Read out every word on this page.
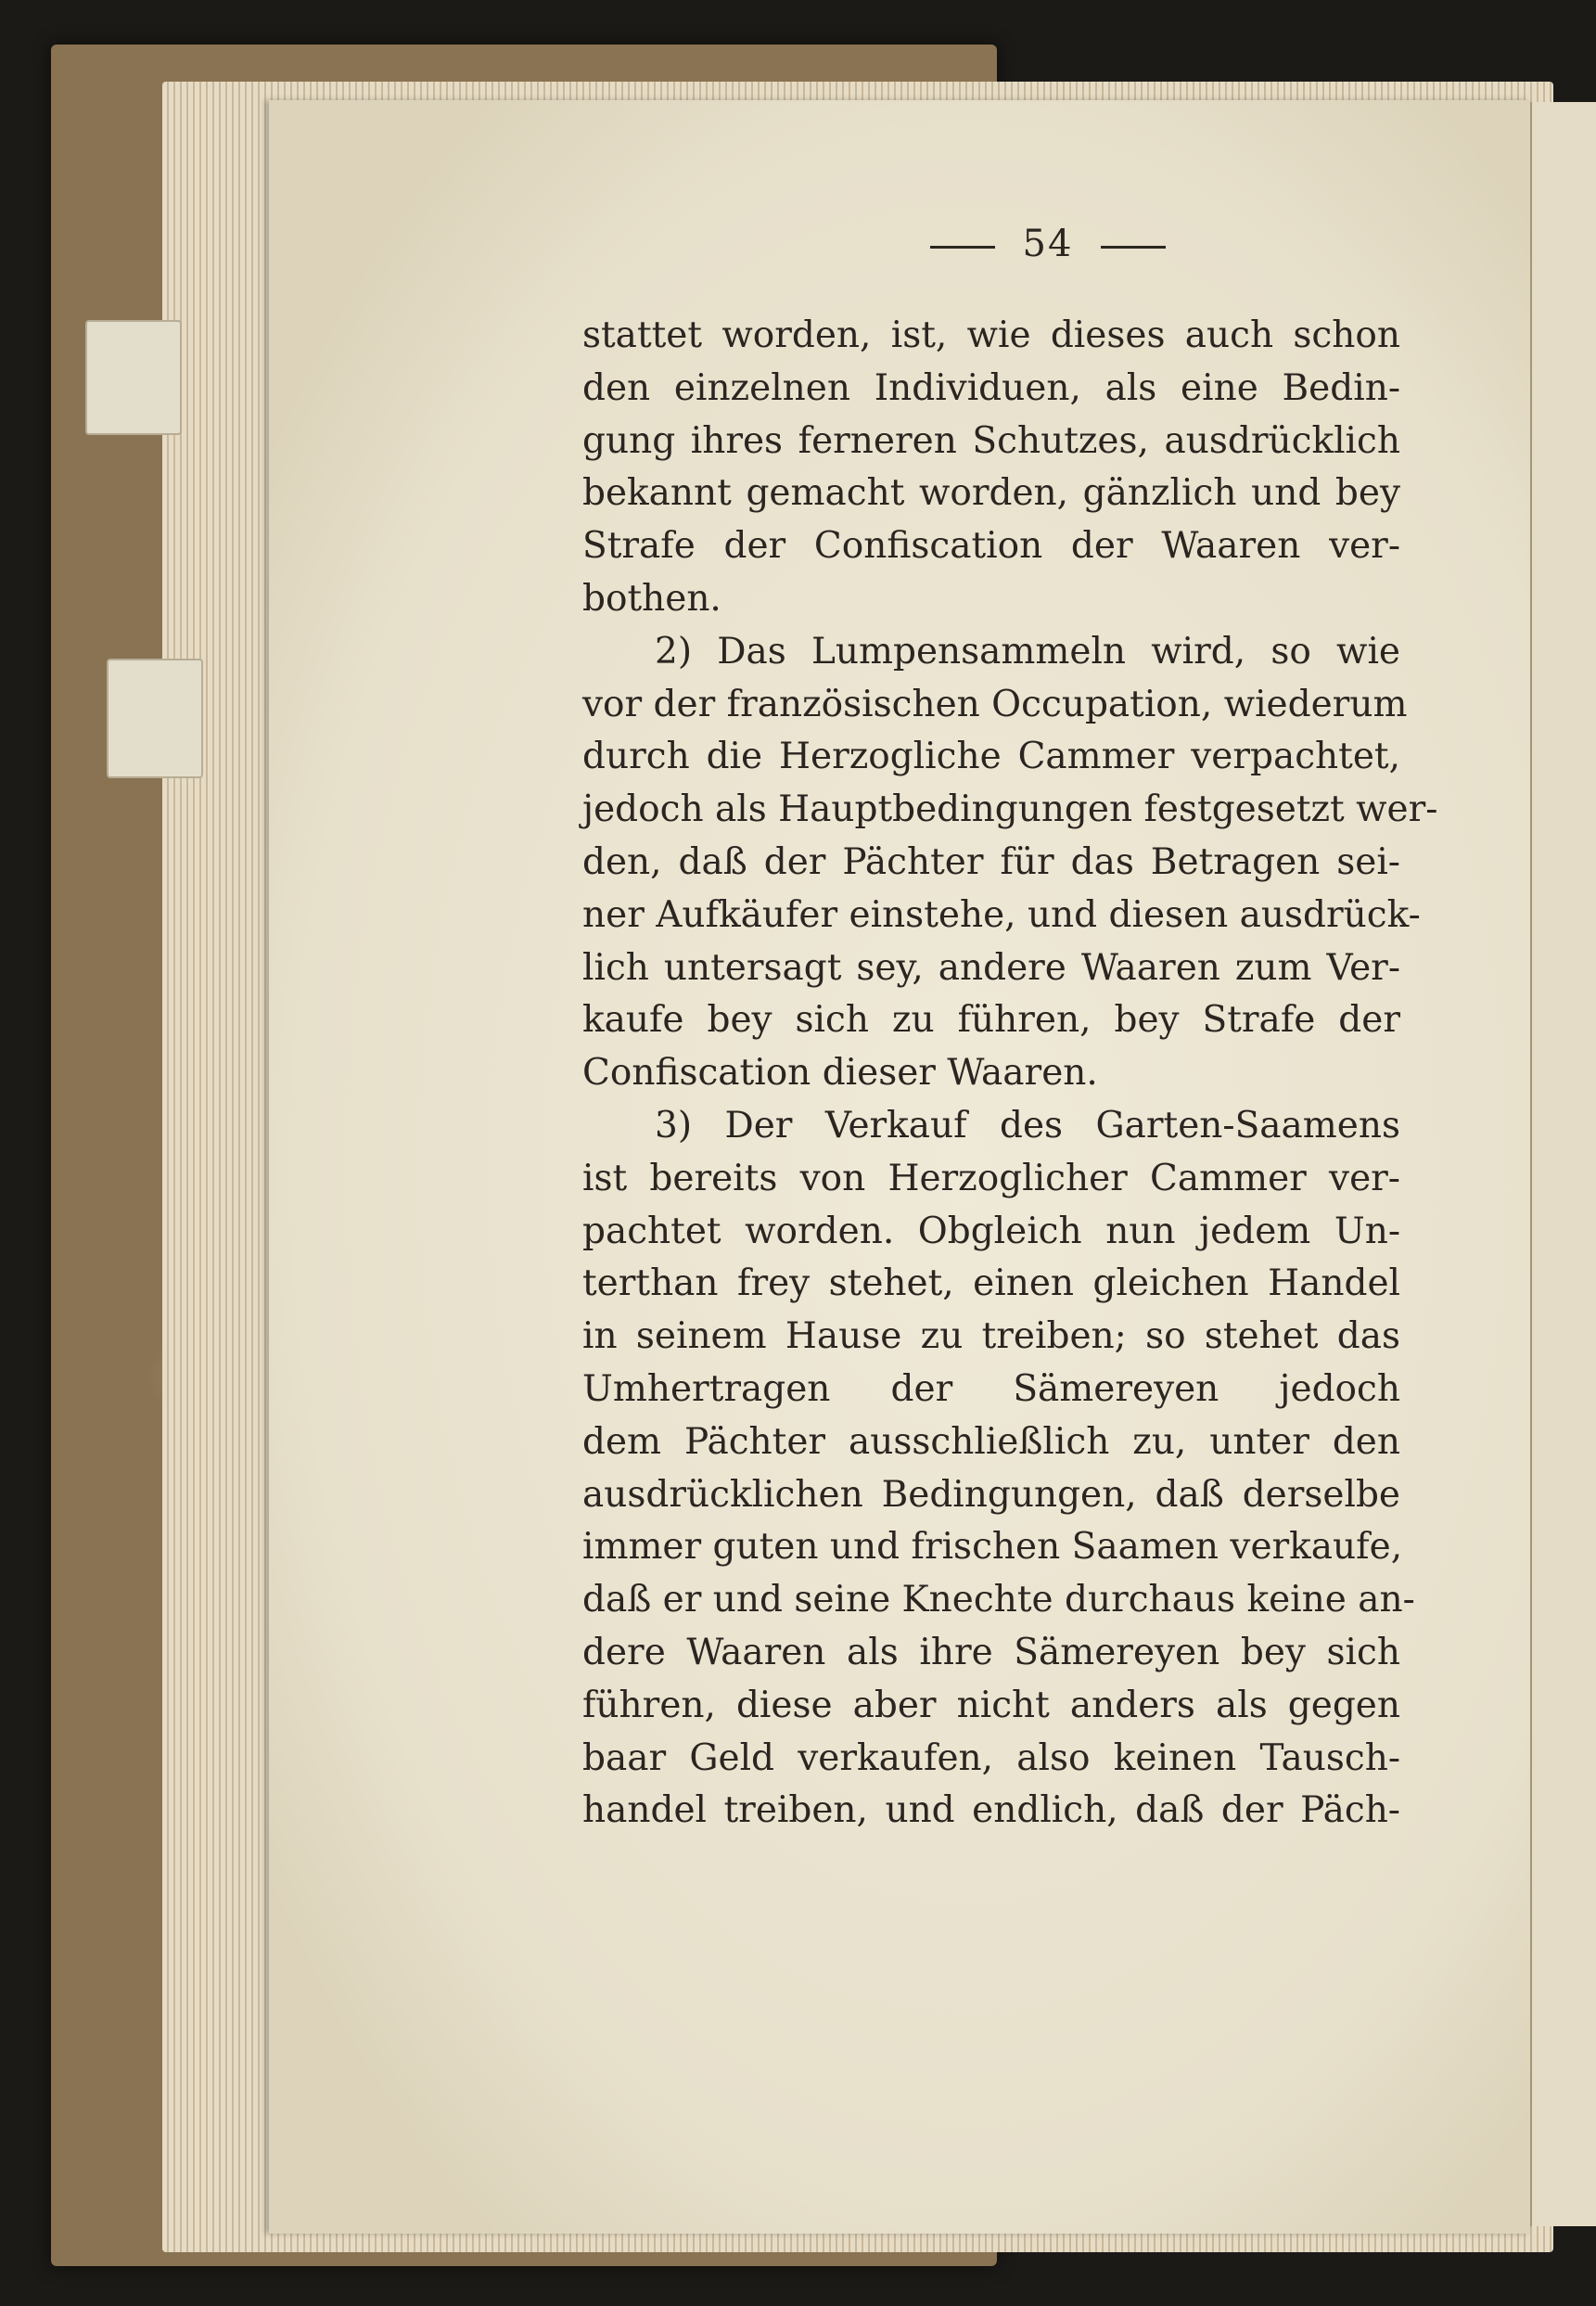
54
stattet worden, ist, wie dieses auch schon
den einzelnen Individuen, als eine Bedin-
gung ihres ferneren Schutzes, ausdrücklich
bekannt gemacht worden, gänzlich und bey
Strafe der Confiscation der Waaren ver-
bothen.
2) Das Lumpensammeln wird, so wie
vor der französischen Occupation, wiederum
durch die Herzogliche Cammer verpachtet,
jedoch als Hauptbedingungen festgesetzt wer-
den, daß der Pächter für das Betragen sei-
ner Aufkäufer einstehe, und diesen ausdrück-
lich untersagt sey, andere Waaren zum Ver-
kaufe bey sich zu führen, bey Strafe der
Confiscation dieser Waaren.
3) Der Verkauf des Garten-Saamens
ist bereits von Herzoglicher Cammer ver-
pachtet worden. Obgleich nun jedem Un-
terthan frey stehet, einen gleichen Handel
in seinem Hause zu treiben; so stehet das
Umhertragen der Sämereyen jedoch
dem Pächter ausschließlich zu, unter den
ausdrücklichen Bedingungen, daß derselbe
immer guten und frischen Saamen verkaufe,
daß er und seine Knechte durchaus keine an-
dere Waaren als ihre Sämereyen bey sich
führen, diese aber nicht anders als gegen
baar Geld verkaufen, also keinen Tausch-
handel treiben, und endlich, daß der Päch-
